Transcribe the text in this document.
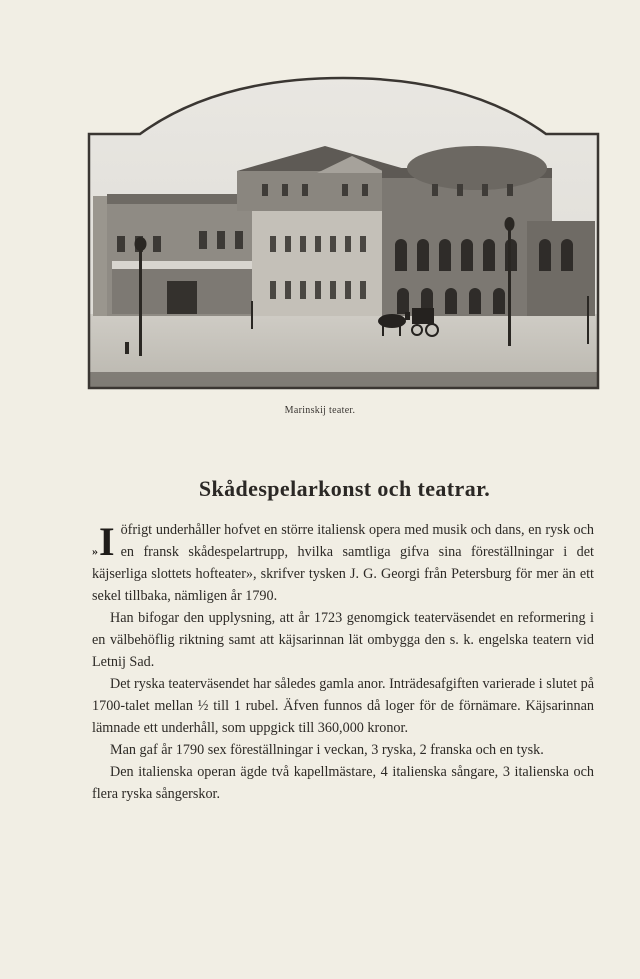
Marinskij teater.
Skådespelarkonst och teatrar.

»I öfrigt underhåller hofvet en större italiensk opera med musik och dans, en rysk och en fransk skådespelartrupp, hvilka samtliga gifva sina föreställningar i det käjserliga slottets hofteater», skrifver tysken J. G. Georgi från Petersburg för mer än ett sekel tillbaka, nämligen år 1790.

Han bifogar den upplysning, att år 1723 genomgick teaterväsendet en reformering i en välbehöflig riktning samt att käjsarinnan lät ombygga den s. k. engelska teatern vid Letnij Sad.

Det ryska teaterväsendet har således gamla anor. Inträdesafgiften varierade i slutet på 1700-talet mellan ½ till 1 rubel. Äfven funnos då loger för de förnämare. Käjsarinnan lämnade ett underhåll, som uppgick till 360,000 kronor.

Man gaf år 1790 sex föreställningar i veckan, 3 ryska, 2 franska och en tysk.

Den italienska operan ägde två kapellmästare, 4 italienska sångare, 3 italienska och flera ryska sångerskor.
